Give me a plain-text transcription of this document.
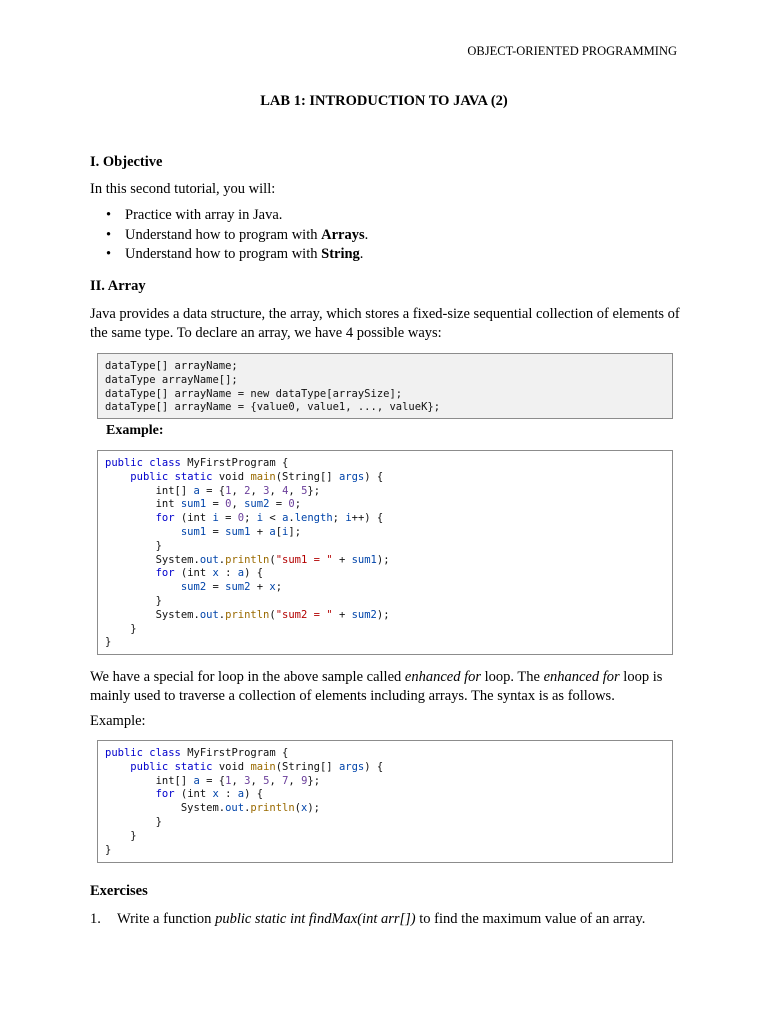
OBJECT-ORIENTED PROGRAMMING
LAB 1: INTRODUCTION TO JAVA (2)
I. Objective
In this second tutorial, you will:
• Practice with array in Java.
• Understand how to program with Arrays.
• Understand how to program with String.
II. Array
Java provides a data structure, the array, which stores a fixed-size sequential collection of elements of the same type. To declare an array, we have 4 possible ways:
dataType[] arrayName;
dataType arrayName[];
dataType[] arrayName = new dataType[arraySize];
dataType[] arrayName = {value0, value1, ..., valueK};
Example:
public class MyFirstProgram {
public static void main(String[] args) {
int[] a = {1, 2, 3, 4, 5};
int sum1 = 0, sum2 = 0;
for (int i = 0; i < a.length; i++) {
sum1 = sum1 + a[i];
}
System.out.println("sum1 = " + sum1);
for (int x : a) {
sum2 = sum2 + x;
}
System.out.println("sum2 = " + sum2);
}
}
We have a special for loop in the above sample called enhanced for loop. The enhanced for loop is mainly used to traverse a collection of elements including arrays. The syntax is as follows.
Example:
public class MyFirstProgram {
public static void main(String[] args) {
int[] a = {1, 3, 5, 7, 9};
for (int x : a) {
System.out.println(x);
}
}
}
Exercises
1. Write a function public static int findMax(int arr[]) to find the maximum value of an array.
